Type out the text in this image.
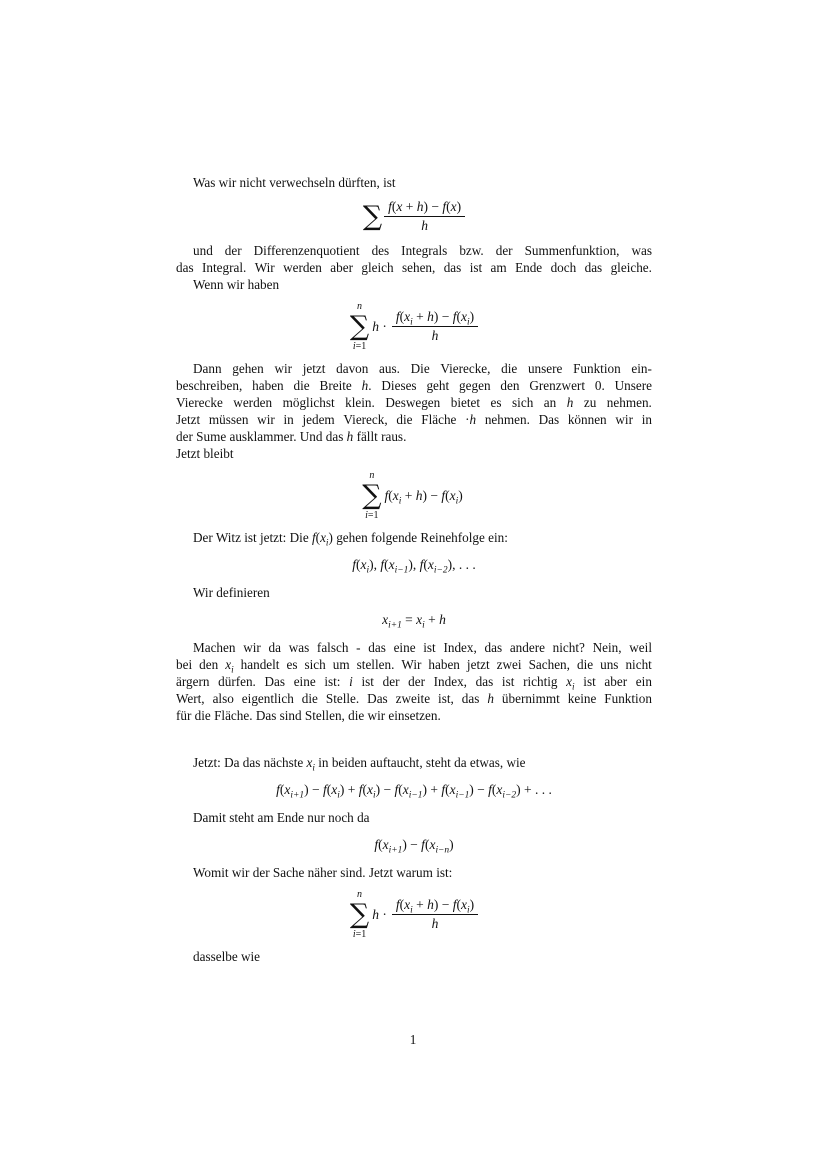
Was wir nicht verwechseln dürften, ist
∑ $\frac{f(x + h) - f(x)}{h}$
und der Differenzenquotient des Integrals bzw. der Summenfunktion, was
das Integral. Wir werden aber gleich sehen, das ist am Ende doch das gleiche.
Wenn wir haben
n
∑
i=1
$h \cdot \frac{f(x_i + h) - f(x_i)}{h}$
Dann gehen wir jetzt davon aus. Die Vierecke, die unsere Funktion ein-
beschreiben, haben die Breite h. Dieses geht gegen den Grenzwert 0. Unsere
Vierecke werden möglichst klein. Deswegen bietet es sich an h zu nehmen.
Jetzt müssen wir in jedem Viereck, die Fläche ·h nehmen. Das können wir in
der Sume ausklammer. Und das h fällt raus.
Jetzt bleibt
n
∑
i=1
$f(x_i + h) - f(x_i)$
Der Witz ist jetzt: Die $f(x_i)$ gehen folgende Reinehfolge ein:
$f(x_i)$, $f(x_{i-1})$, $f(x_{i-2})$, . . .
Wir definieren
$x_{i+1} = x_i + h$
Machen wir da was falsch - das eine ist Index, das andere nicht? Nein, weil
bei den $x_i$ handelt es sich um stellen. Wir haben jetzt zwei Sachen, die uns nicht
ärgern dürfen. Das eine ist: i ist der der Index, das ist richtig $x_i$ ist aber ein
Wert, also eigentlich die Stelle. Das zweite ist, das h übernimmt keine Funktion
für die Fläche. Das sind Stellen, die wir einsetzen.
Jetzt: Da das nächste $x_i$ in beiden auftaucht, steht da etwas, wie
$f(x_{i+1}) - f(x_i) + f(x_i) - f(x_{i-1}) + f(x_{i-1}) - f(x_{i-2})$ + . . .
Damit steht am Ende nur noch da
$f(x_{i+1}) - f(x_{i-n})$
Womit wir der Sache näher sind. Jetzt warum ist:
n
∑
i=1
$h \cdot \frac{f(x_i + h) - f(x_i)}{h}$
dasselbe wie
1
